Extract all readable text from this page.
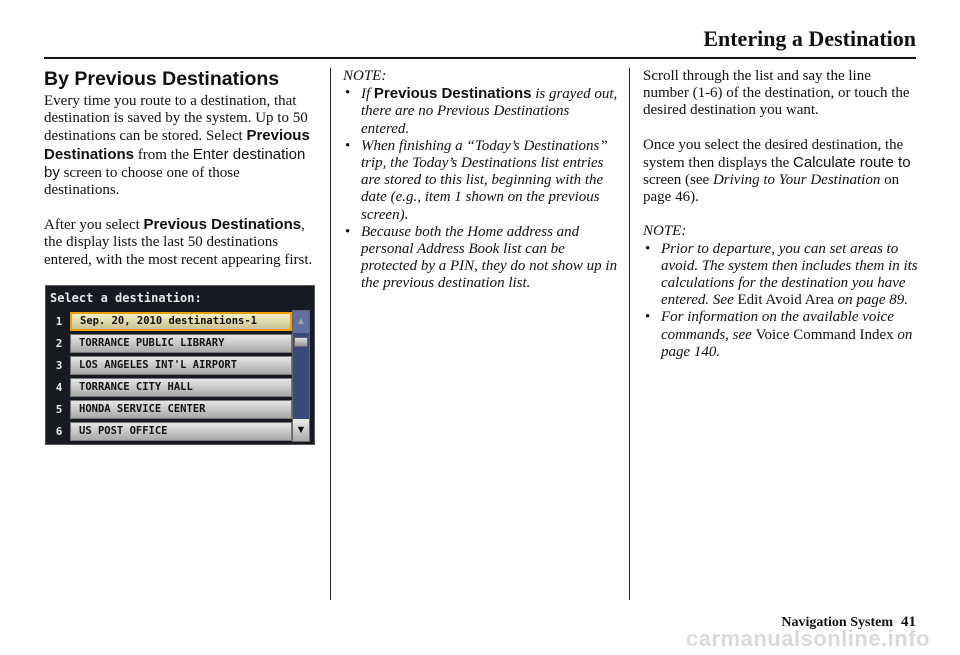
Entering a Destination
By Previous Destinations

Every time you route to a destination, that destination is saved by the system. Up to 50 destinations can be stored. Select Previous Destinations from the Enter destination by screen to choose one of those destinations.

After you select Previous Destinations, the display lists the last 50 destinations entered, with the most recent appearing first.

Select a destination:
1	Sep. 20, 2010 destinations-1
2	TORRANCE PUBLIC LIBRARY
3	LOS ANGELES INT'L AIRPORT
4	TORRANCE CITY HALL
5	HONDA SERVICE CENTER
6	US POST OFFICE
▲
▼
NOTE:
• If Previous Destinations is grayed out, there are no Previous Destinations entered.
• When finishing a “Today’s Destinations” trip, the Today’s Destinations list entries are stored to this list, beginning with the date (e.g., item 1 shown on the previous screen).
• Because both the Home address and personal Address Book list can be protected by a PIN, they do not show up in the previous destination list.

Scroll through the list and say the line number (1-6) of the destination, or touch the desired destination you want.

Once you select the desired destination, the system then displays the Calculate route to screen (see Driving to Your Destination on page 46).

NOTE:
• Prior to departure, you can set areas to avoid. The system then includes them in its calculations for the destination you have entered. See Edit Avoid Area on page 89.
• For information on the available voice commands, see Voice Command Index on page 140.
Navigation System 41
carmanualsonline.info
